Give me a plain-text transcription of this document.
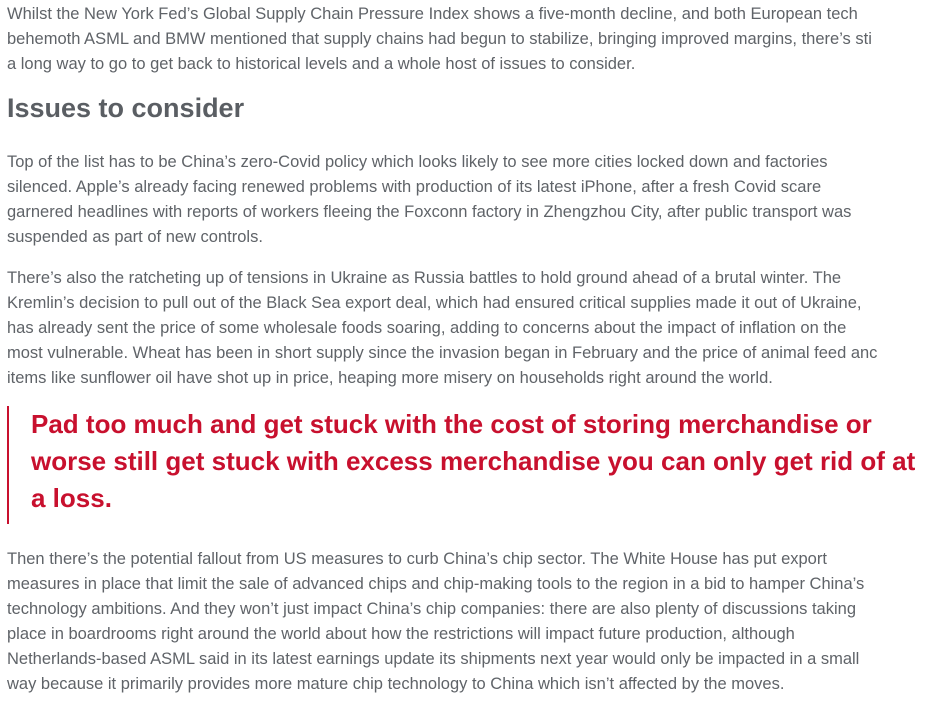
Whilst the New York Fed’s Global Supply Chain Pressure Index shows a five-month decline, and both European tech
behemoth ASML and BMW mentioned that supply chains had begun to stabilize, bringing improved margins, there’s sti
a long way to go to get back to historical levels and a whole host of issues to consider.

Issues to consider

Top of the list has to be China’s zero-Covid policy which looks likely to see more cities locked down and factories
silenced. Apple’s already facing renewed problems with production of its latest iPhone, after a fresh Covid scare
garnered headlines with reports of workers fleeing the Foxconn factory in Zhengzhou City, after public transport was
suspended as part of new controls.

There’s also the ratcheting up of tensions in Ukraine as Russia battles to hold ground ahead of a brutal winter. The
Kremlin’s decision to pull out of the Black Sea export deal, which had ensured critical supplies made it out of Ukraine,
has already sent the price of some wholesale foods soaring, adding to concerns about the impact of inflation on the
most vulnerable. Wheat has been in short supply since the invasion began in February and the price of animal feed anc
items like sunflower oil have shot up in price, heaping more misery on households right around the world.

Pad too much and get stuck with the cost of storing merchandise or
worse still get stuck with excess merchandise you can only get rid of at
a loss.

Then there’s the potential fallout from US measures to curb China’s chip sector. The White House has put export
measures in place that limit the sale of advanced chips and chip-making tools to the region in a bid to hamper China’s
technology ambitions. And they won’t just impact China’s chip companies: there are also plenty of discussions taking
place in boardrooms right around the world about how the restrictions will impact future production, although
Netherlands-based ASML said in its latest earnings update its shipments next year would only be impacted in a small
way because it primarily provides more mature chip technology to China which isn’t affected by the moves.
